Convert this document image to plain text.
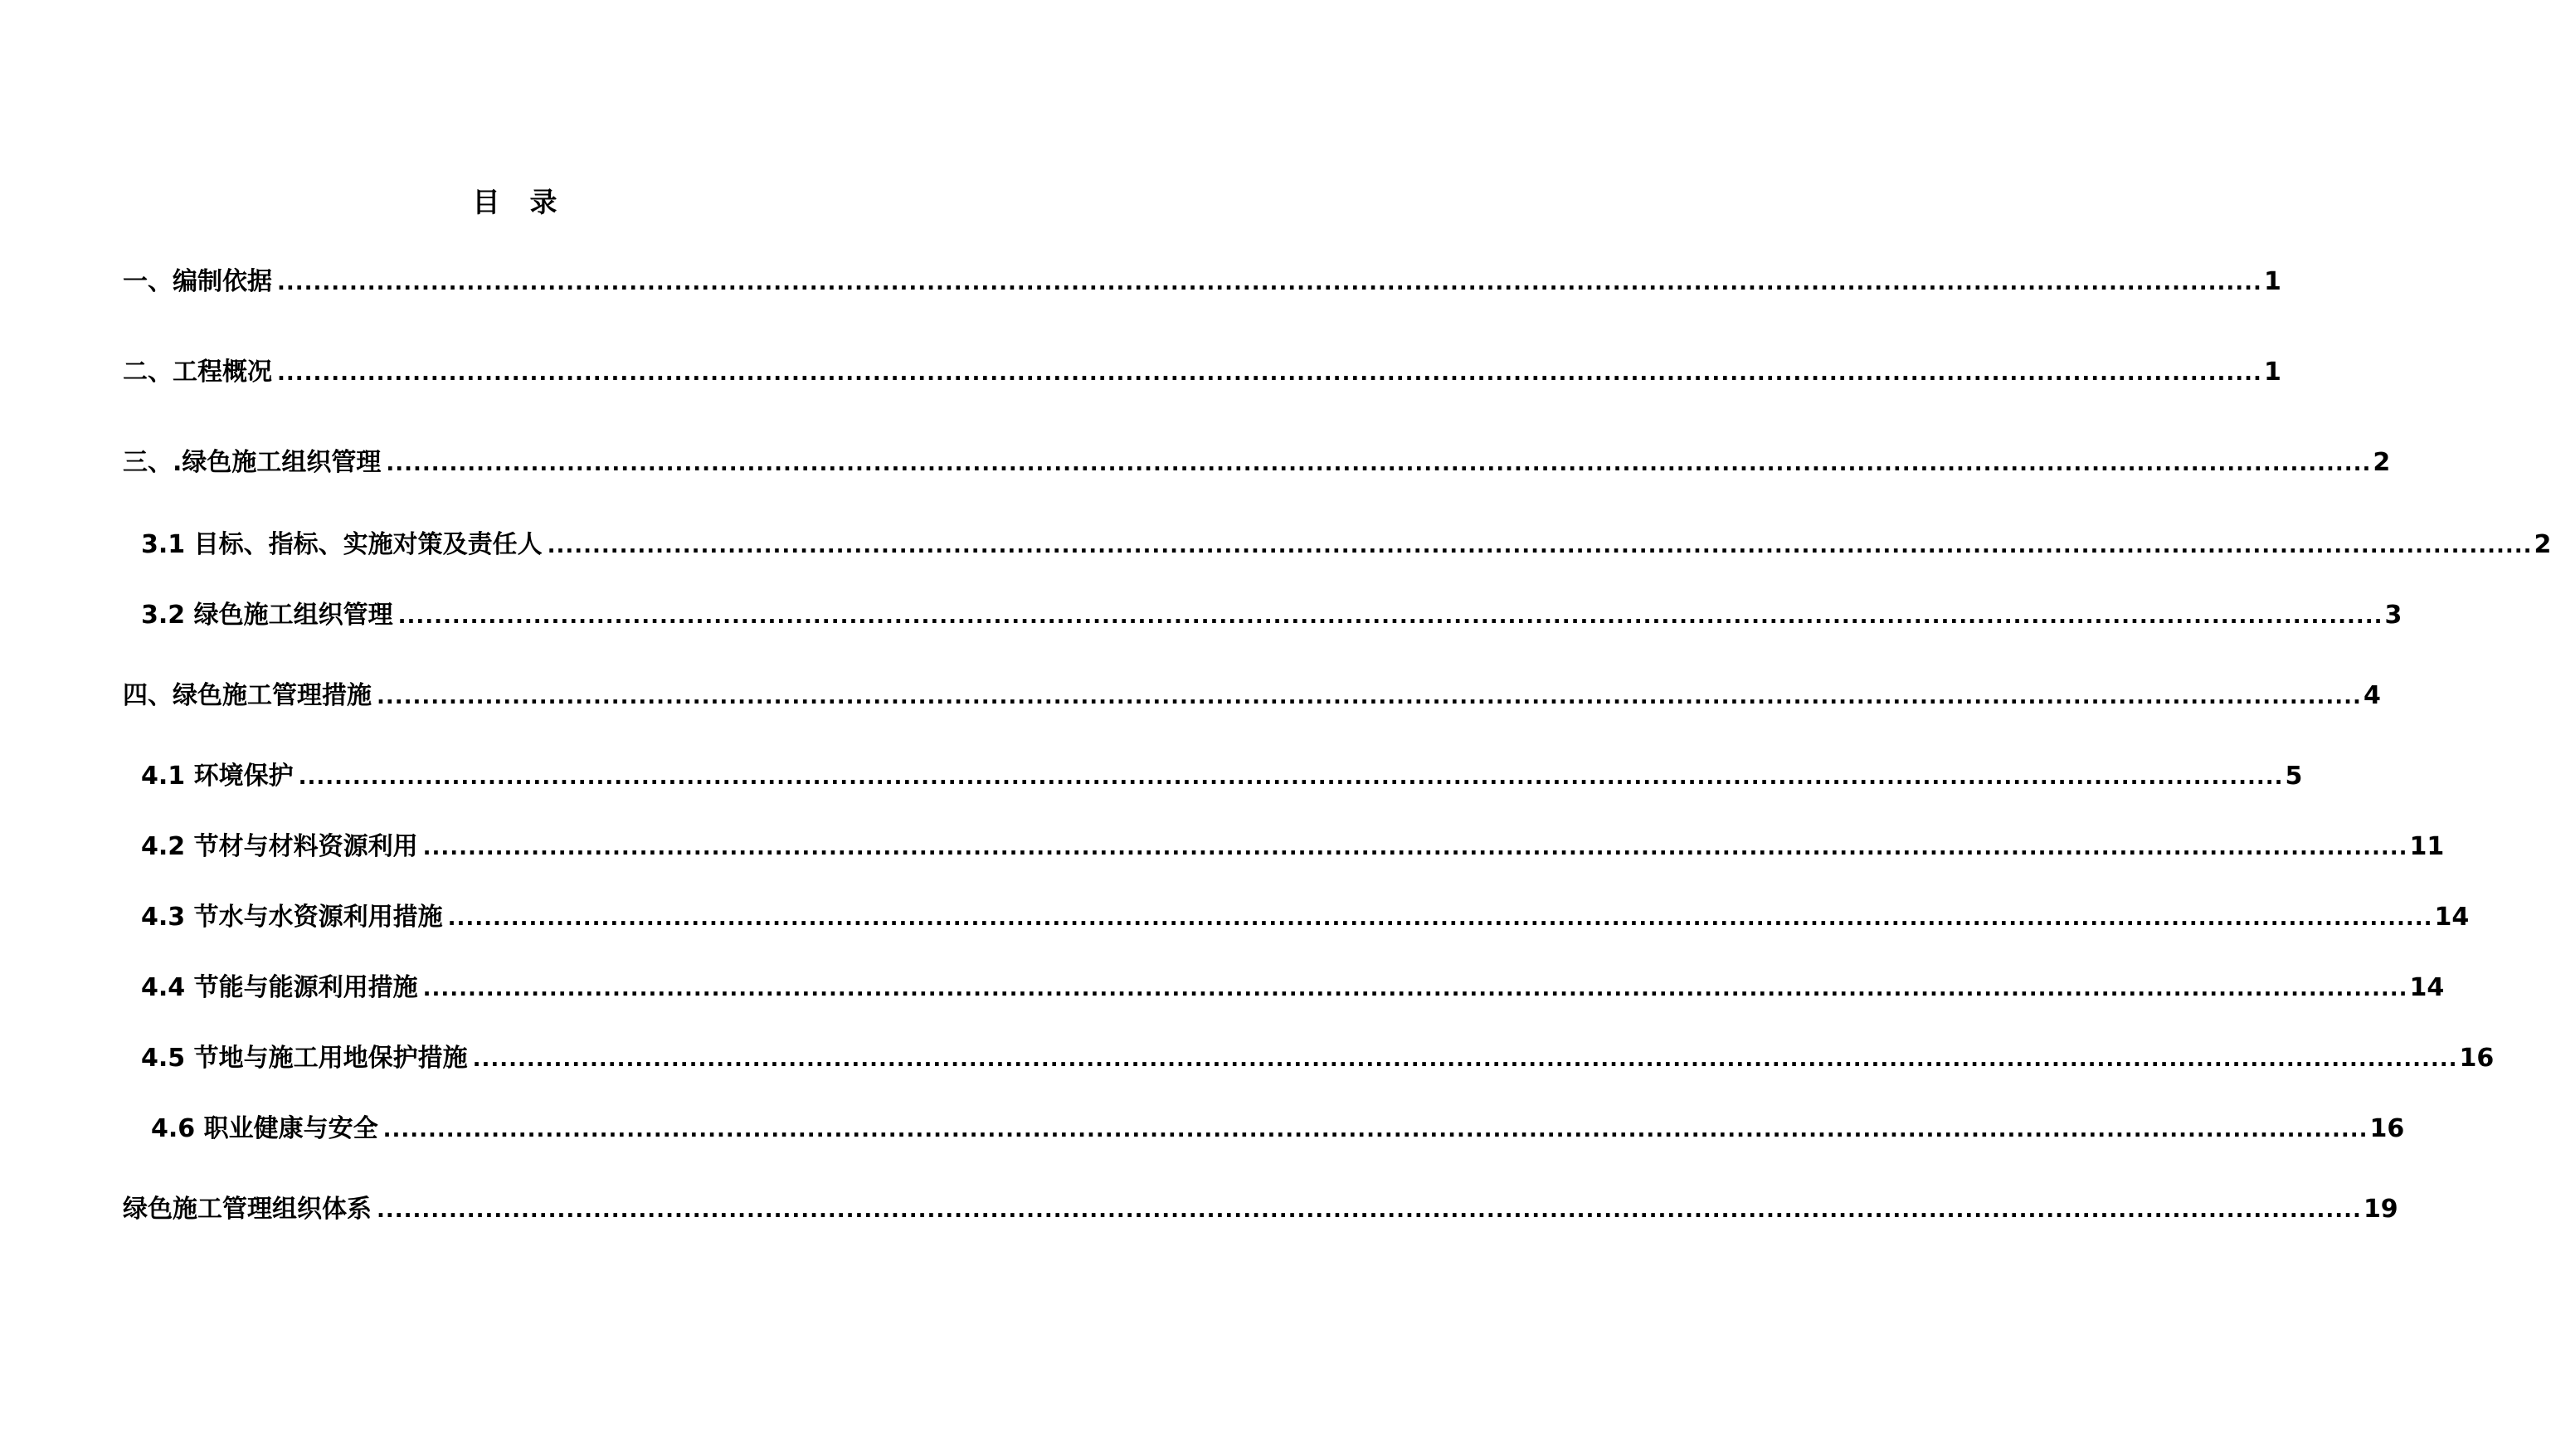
目 录
一、编制依据 ............................................................................................................................................................................................................................ 1
二、工程概况 ............................................................................................................................................................................................................................ 1
三、.绿色施工组织管理 ............................................................................................................................................................................................................................ 2
3.1 目标、指标、实施对策及责任人 ............................................................................................................................................................................................................................ 2
3.2 绿色施工组织管理 ............................................................................................................................................................................................................................ 3
四、绿色施工管理措施 ............................................................................................................................................................................................................................ 4
4.1 环境保护 ............................................................................................................................................................................................................................ 5
4.2 节材与材料资源利用 ............................................................................................................................................................................................................................ 11
4.3 节水与水资源利用措施 ............................................................................................................................................................................................................................ 14
4.4 节能与能源利用措施 ............................................................................................................................................................................................................................ 14
4.5 节地与施工用地保护措施 ............................................................................................................................................................................................................................ 16
4.6 职业健康与安全 ............................................................................................................................................................................................................................ 16
绿色施工管理组织体系 ............................................................................................................................................................................................................................ 19
